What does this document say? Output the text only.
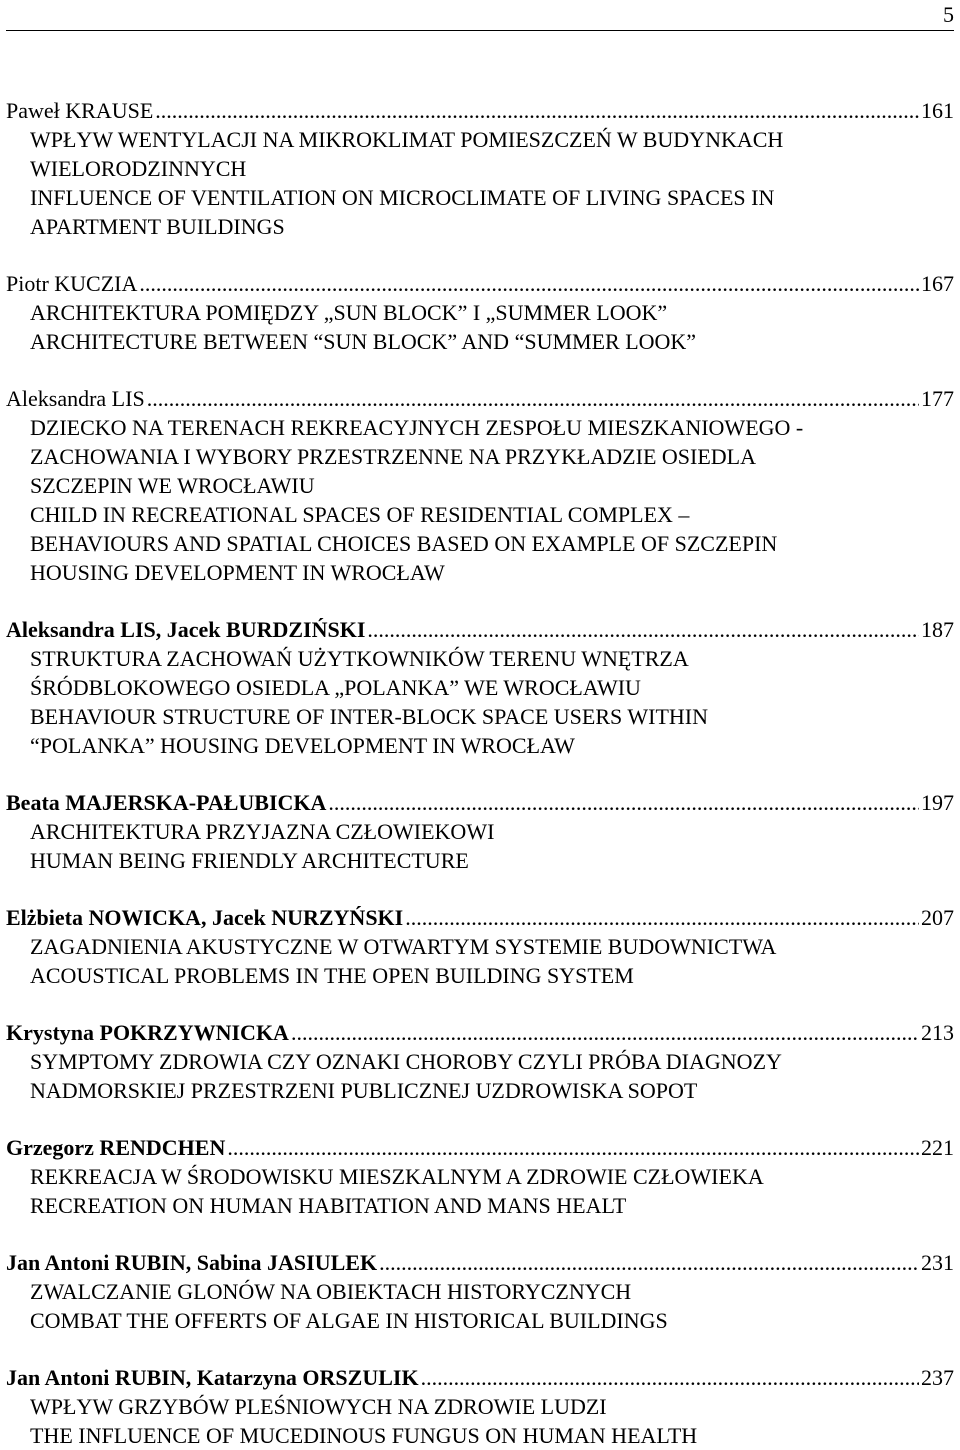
5
Paweł KRAUSE .....	161
WPŁYW WENTYLACJI NA MIKROKLIMAT POMIESZCZEŃ W BUDYNKACH
WIELORODZINNYCH
INFLUENCE OF VENTILATION ON MICROCLIMATE OF LIVING SPACES IN
APARTMENT BUILDINGS
Piotr KUCZIA .....	167
ARCHITEKTURA POMIĘDZY „SUN BLOCK” I „SUMMER LOOK”
ARCHITECTURE BETWEEN “SUN BLOCK” AND “SUMMER LOOK”
Aleksandra LIS .....	177
DZIECKO NA TERENACH REKREACYJNYCH ZESPOŁU MIESZKANIOWEGO -
ZACHOWANIA I WYBORY PRZESTRZENNE NA PRZYKŁADZIE OSIEDLA
SZCZEPIN WE WROCŁAWIU
CHILD IN RECREATIONAL SPACES OF RESIDENTIAL COMPLEX –
BEHAVIOURS AND SPATIAL CHOICES BASED ON EXAMPLE OF SZCZEPIN
HOUSING DEVELOPMENT IN WROCŁAW
Aleksandra LIS, Jacek BURDZIŃSKI .....	187
STRUKTURA ZACHOWAŃ UŻYTKOWNIKÓW TERENU WNĘTRZA
ŚRÓDBLOKOWEGO OSIEDLA „POLANKA” WE WROCŁAWIU
BEHAVIOUR STRUCTURE OF INTER-BLOCK SPACE USERS WITHIN
“POLANKA” HOUSING DEVELOPMENT IN WROCŁAW
Beata MAJERSKA-PAŁUBICKA .....	197
ARCHITEKTURA PRZYJAZNA CZŁOWIEKOWI
HUMAN BEING FRIENDLY ARCHITECTURE
Elżbieta NOWICKA, Jacek NURZYŃSKI .....	207
ZAGADNIENIA AKUSTYCZNE W OTWARTYM SYSTEMIE BUDOWNICTWA
ACOUSTICAL PROBLEMS IN THE OPEN BUILDING SYSTEM
Krystyna POKRZYWNICKA .....	213
SYMPTOMY ZDROWIA CZY OZNAKI CHOROBY CZYLI PRÓBA DIAGNOZY
NADMORSKIEJ PRZESTRZENI PUBLICZNEJ UZDROWISKA SOPOT
Grzegorz RENDCHEN .....	221
REKREACJA W ŚRODOWISKU MIESZKALNYM A ZDROWIE CZŁOWIEKA
RECREATION ON HUMAN HABITATION AND MANS HEALT
Jan Antoni RUBIN, Sabina JASIULEK .....	231
ZWALCZANIE GLONÓW NA OBIEKTACH HISTORYCZNYCH
COMBAT THE OFFERTS OF ALGAE IN HISTORICAL BUILDINGS
Jan Antoni RUBIN, Katarzyna ORSZULIK .....	237
WPŁYW GRZYBÓW PLEŚNIOWYCH NA ZDROWIE LUDZI
THE INFLUENCE OF MUCEDINOUS FUNGUS ON HUMAN HEALTH
